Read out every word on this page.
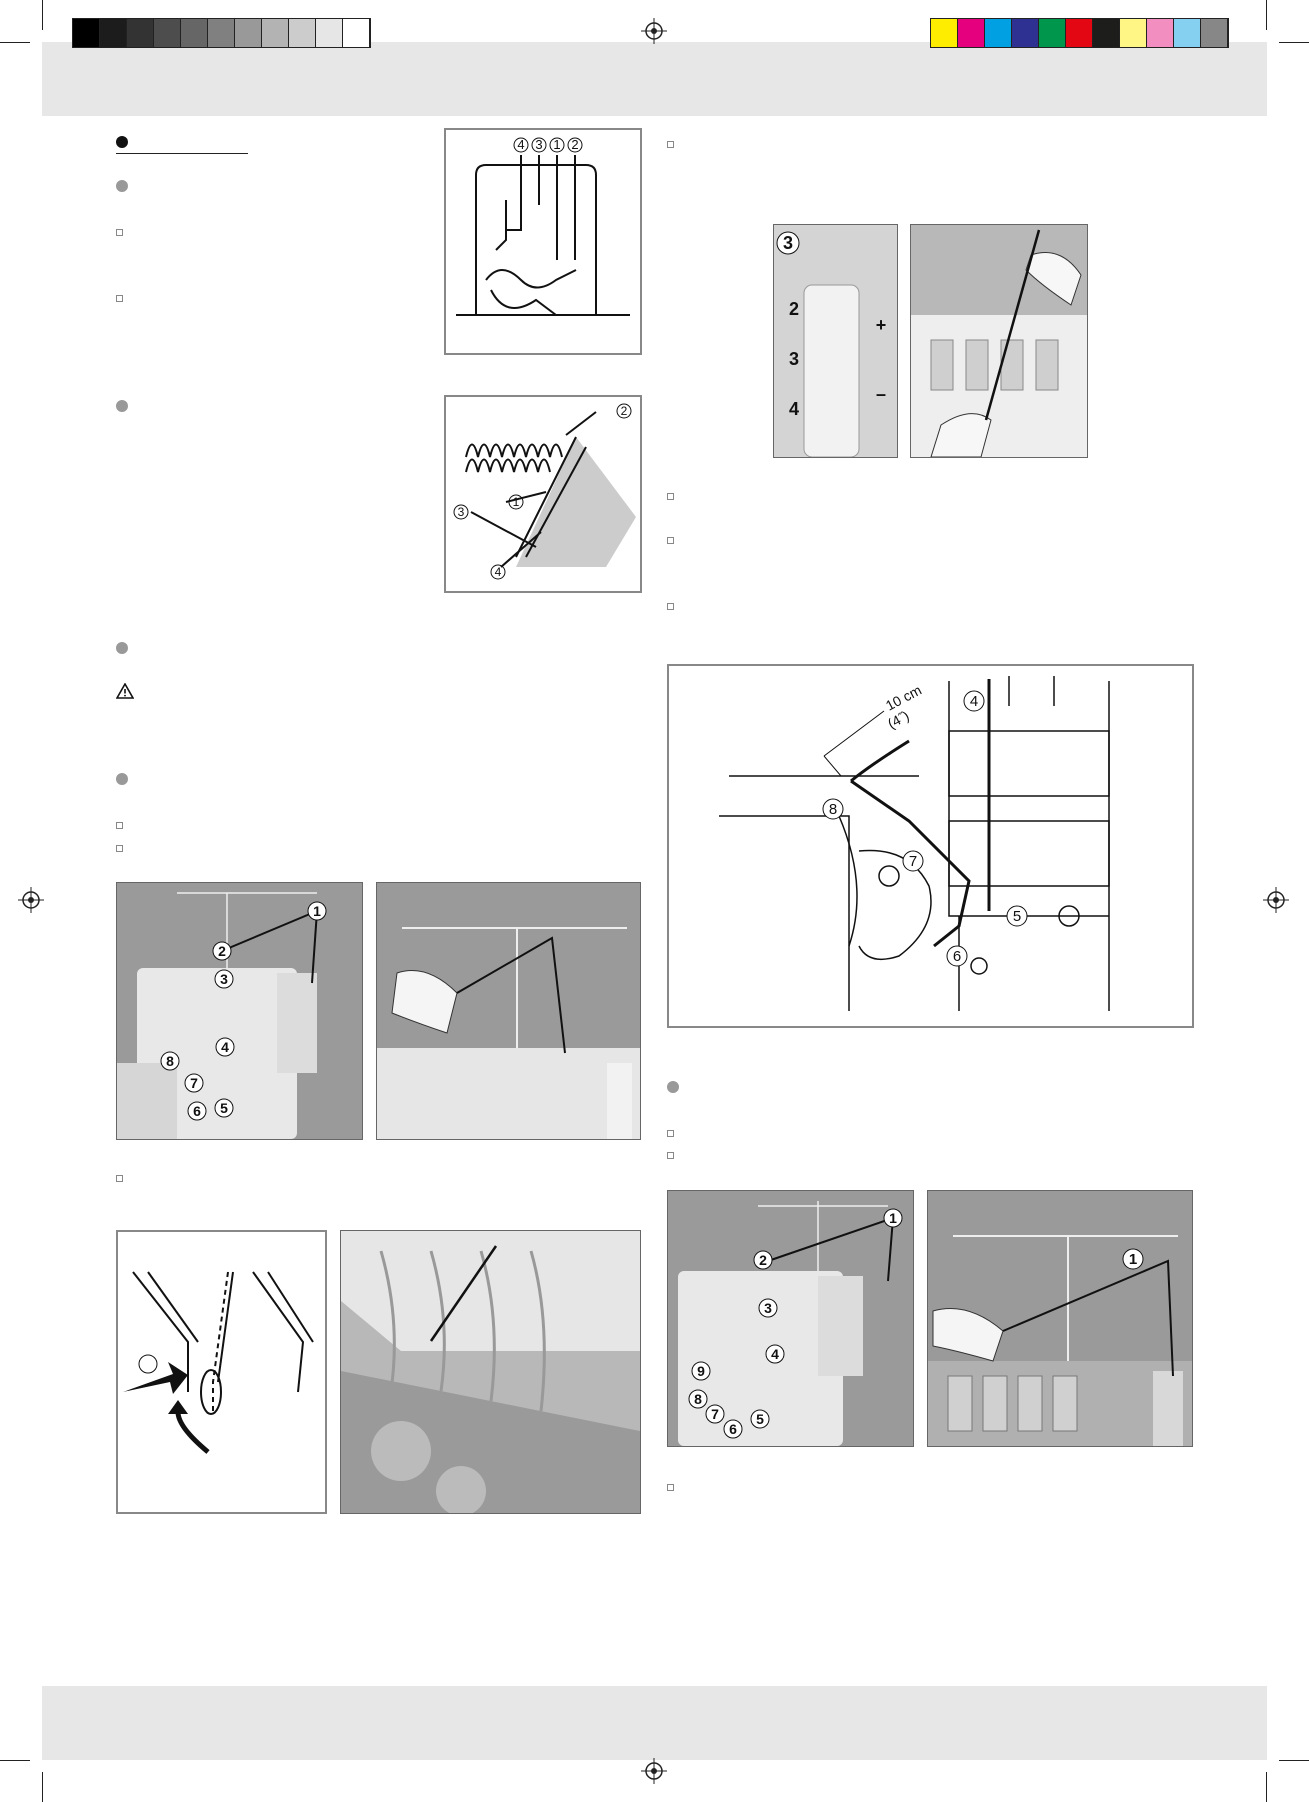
4 3 1 2
2
1
3
4
1
2
3
4
8
7
6 5
3
2
3
4
+
–
10 cm
(4˝)
4
8
7
5
6
1
2
3
4
9
8
7
6
5
1
